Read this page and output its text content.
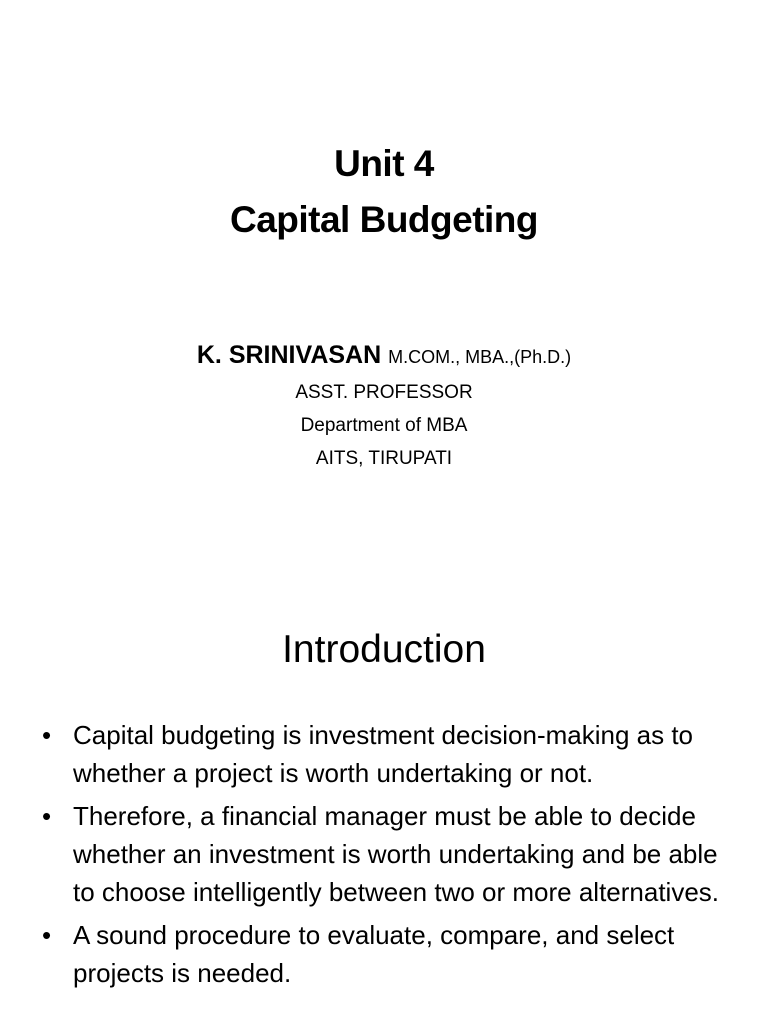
Unit 4
Capital Budgeting
K. SRINIVASAN M.COM., MBA.,(Ph.D.)
ASST. PROFESSOR
Department of MBA
AITS, TIRUPATI
Introduction
• Capital budgeting is investment decision-making as to whether a project is worth undertaking or not.
• Therefore, a financial manager must be able to decide whether an investment is worth undertaking and be able to choose intelligently between two or more alternatives.
• A sound procedure to evaluate, compare, and select projects is needed.
